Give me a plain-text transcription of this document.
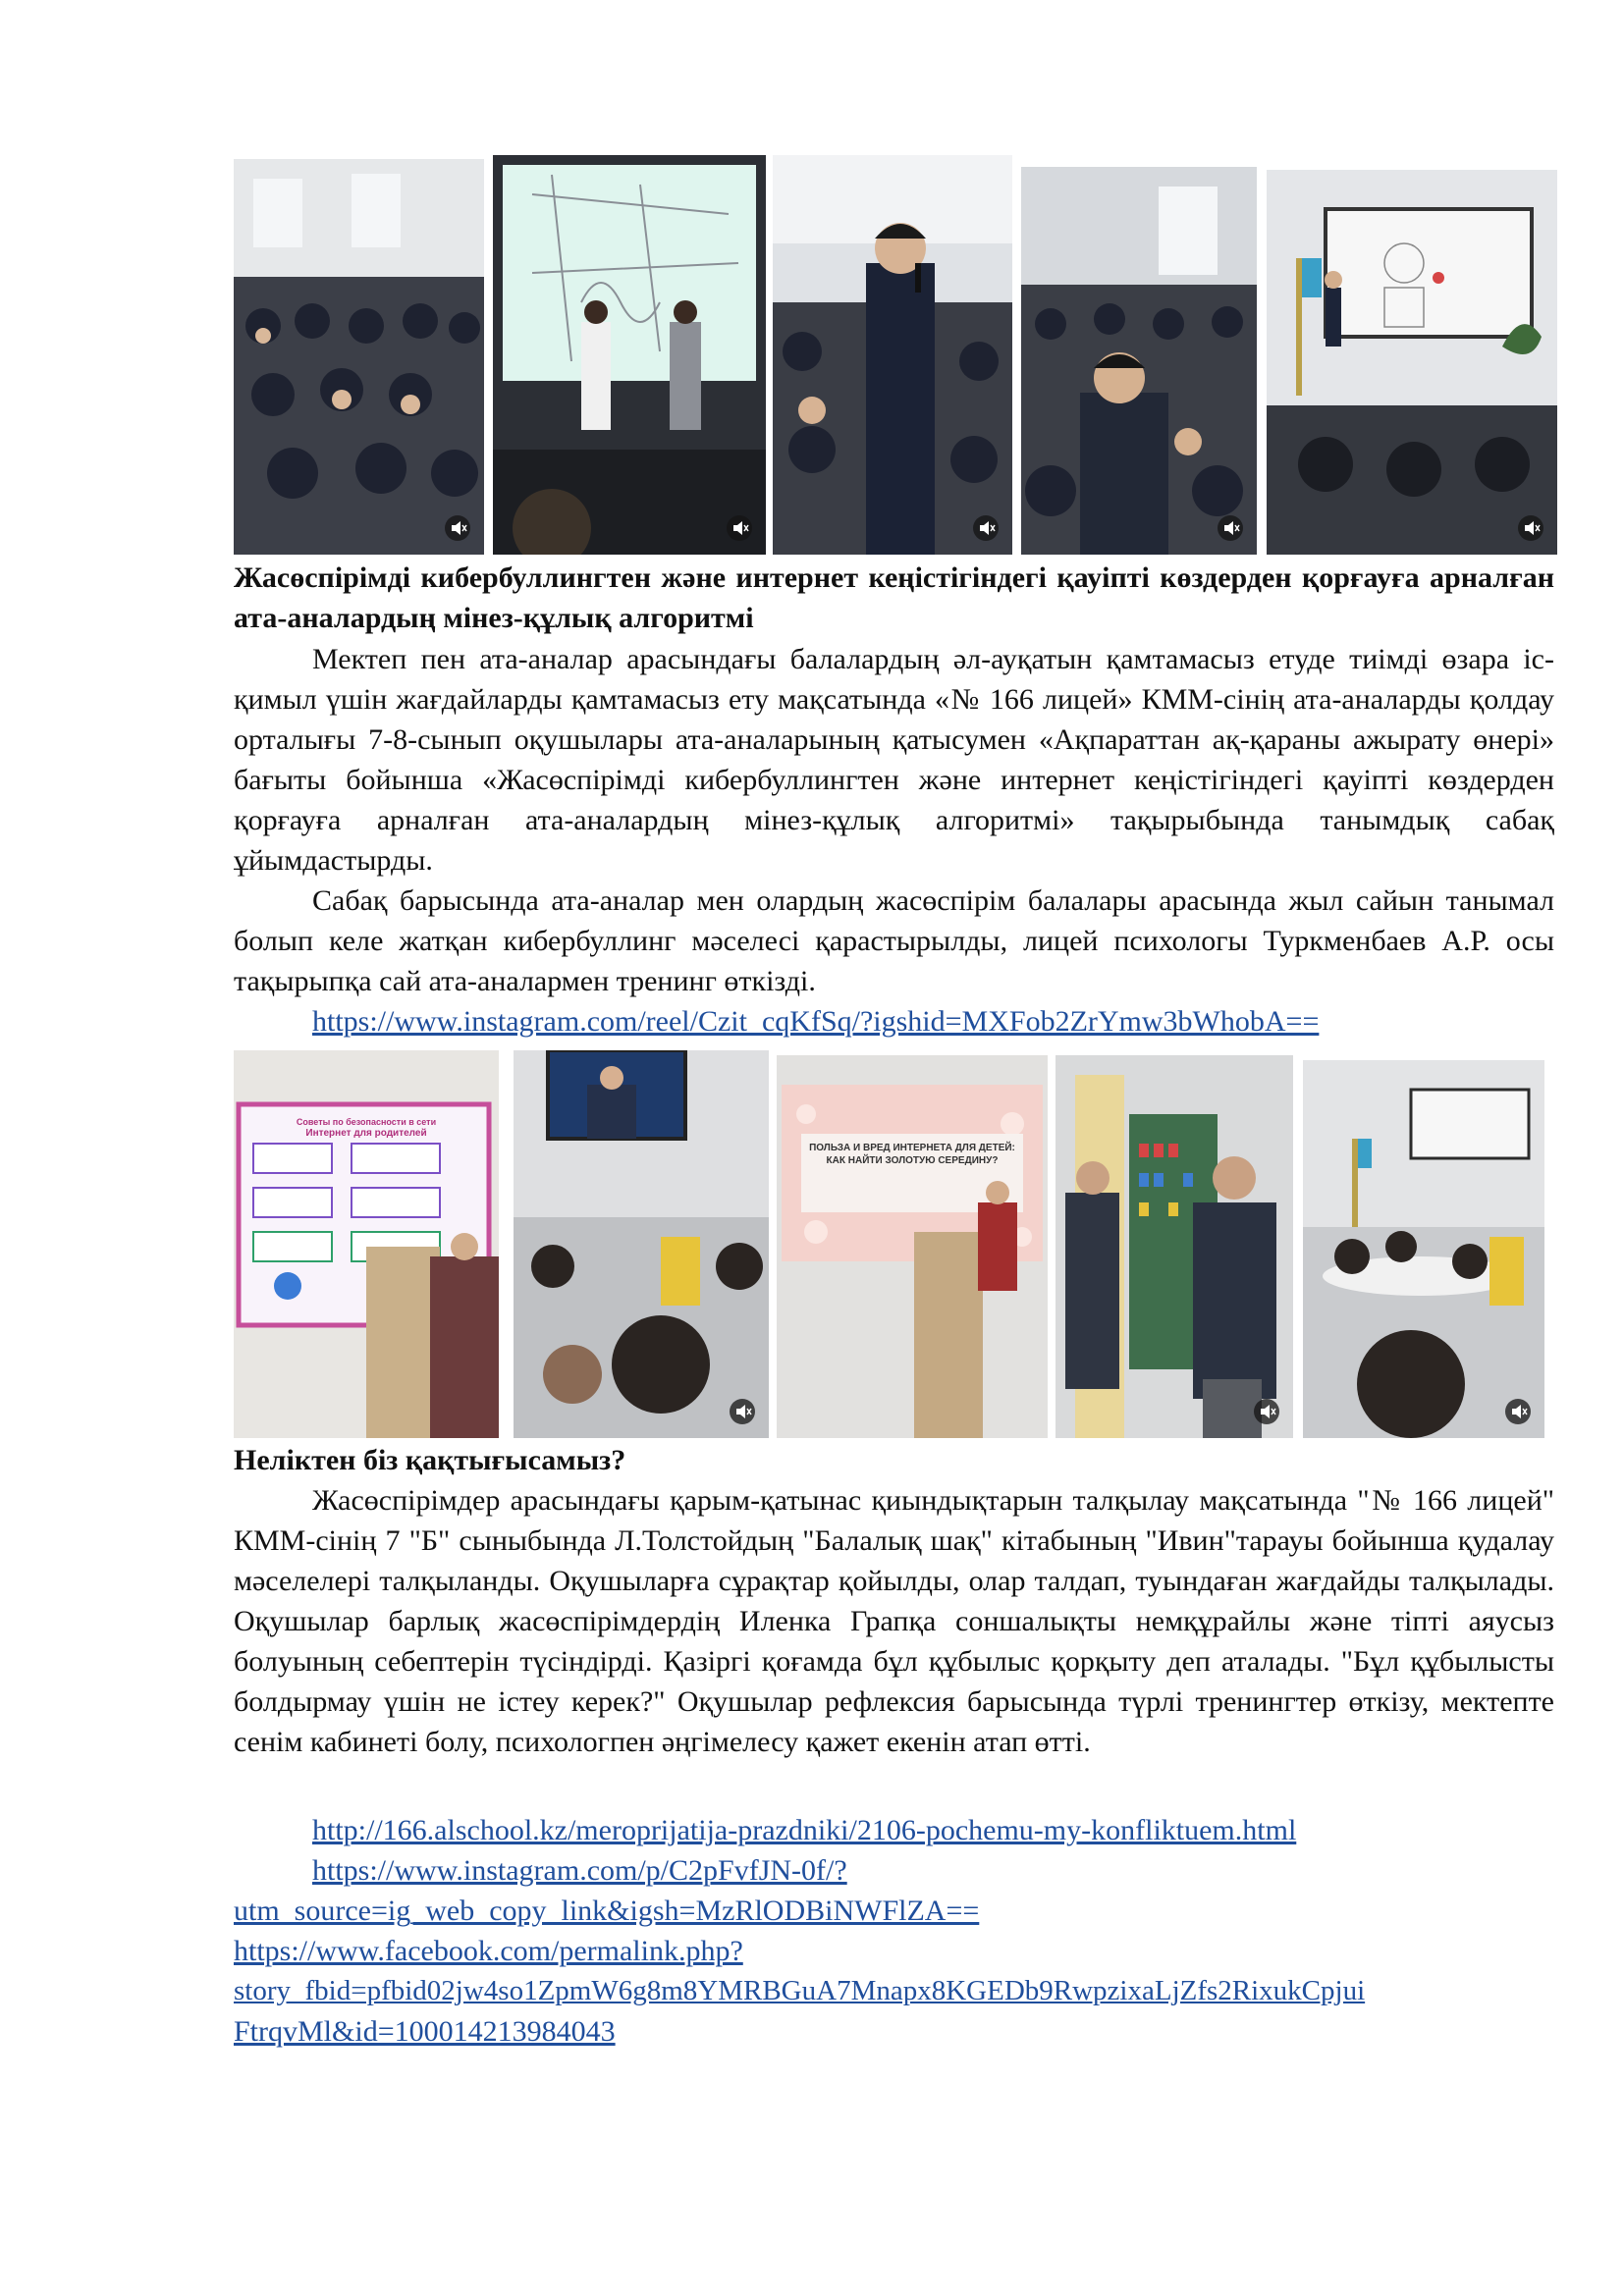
Жасөспірімді кибербуллингтен және интернет кеңістігіндегі қауіпті көздерден қорғауға арналған ата-аналардың мінез-құлық алгоритмі

Мектеп пен ата-аналар арасындағы балалардың әл-ауқатын қамтамасыз етуде тиімді өзара іс-қимыл үшін жағдайларды қамтамасыз ету мақсатында «№ 166 лицей» КММ-сінің ата-аналарды қолдау орталығы 7-8-сынып оқушылары ата-аналарының қатысумен «Ақпараттан ақ-қараны ажырату өнері» бағыты бойынша «Жасөспірімді кибербуллингтен және интернет кеңістігіндегі қауіпті көздерден қорғауға арналған ата-аналардың мінез-құлық алгоритмі» тақырыбында танымдық сабақ ұйымдастырды.

Сабақ барысында ата-аналар мен олардың жасөспірім балалары арасында жыл сайын танымал болып келе жатқан кибербуллинг мәселесі қарастырылды, лицей психологы Туркменбаев А.Р. осы тақырыпқа сай ата-аналармен тренинг өткізді.

https://www.instagram.com/reel/Czit_cqKfSq/?igshid=MXFob2ZrYmw3bWhobA==
Советы по безопасности в сети
Интернет для родителей
ПОЛЬЗА И ВРЕД ИНТЕРНЕТА ДЛЯ ДЕТЕЙ: КАК НАЙТИ ЗОЛОТУЮ СЕРЕДИНУ?
Неліктен біз қақтығысамыз?

Жасөспірімдер арасындағы қарым-қатынас қиындықтарын талқылау мақсатында "№ 166 лицей" КММ-сінің 7 "Б" сыныбында Л.Толстойдың "Балалық шақ" кітабының "Ивин"тарауы бойынша қудалау мәселелері талқыланды. Оқушыларға сұрақтар қойылды, олар талдап, туындаған жағдайды талқылады. Оқушылар барлық жасөспірімдердің Иленка Грапқа соншалықты немқұрайлы және тіпті аяусыз болуының себептерін түсіндірді. Қазіргі қоғамда бұл құбылыс қорқыту деп аталады. "Бұл құбылысты болдырмау үшін не істеу керек?" Оқушылар рефлексия барысында түрлі тренингтер өткізу, мектепте сенім кабинеті болу, психологпен әңгімелесу қажет екенін атап өтті.

http://166.alschool.kz/meroprijatija-prazdniki/2106-pochemu-my-konfliktuem.html
https://www.instagram.com/p/C2pFvfJN-0f/?
utm_source=ig_web_copy_link&igsh=MzRlODBiNWFlZA==
https://www.facebook.com/permalink.php?
story_fbid=pfbid02jw4so1ZpmW6g8m8YMRBGuA7Mnapx8KGEDb9RwpzixaLjZfs2RixukCpjui
FtrqvMl&id=100014213984043
